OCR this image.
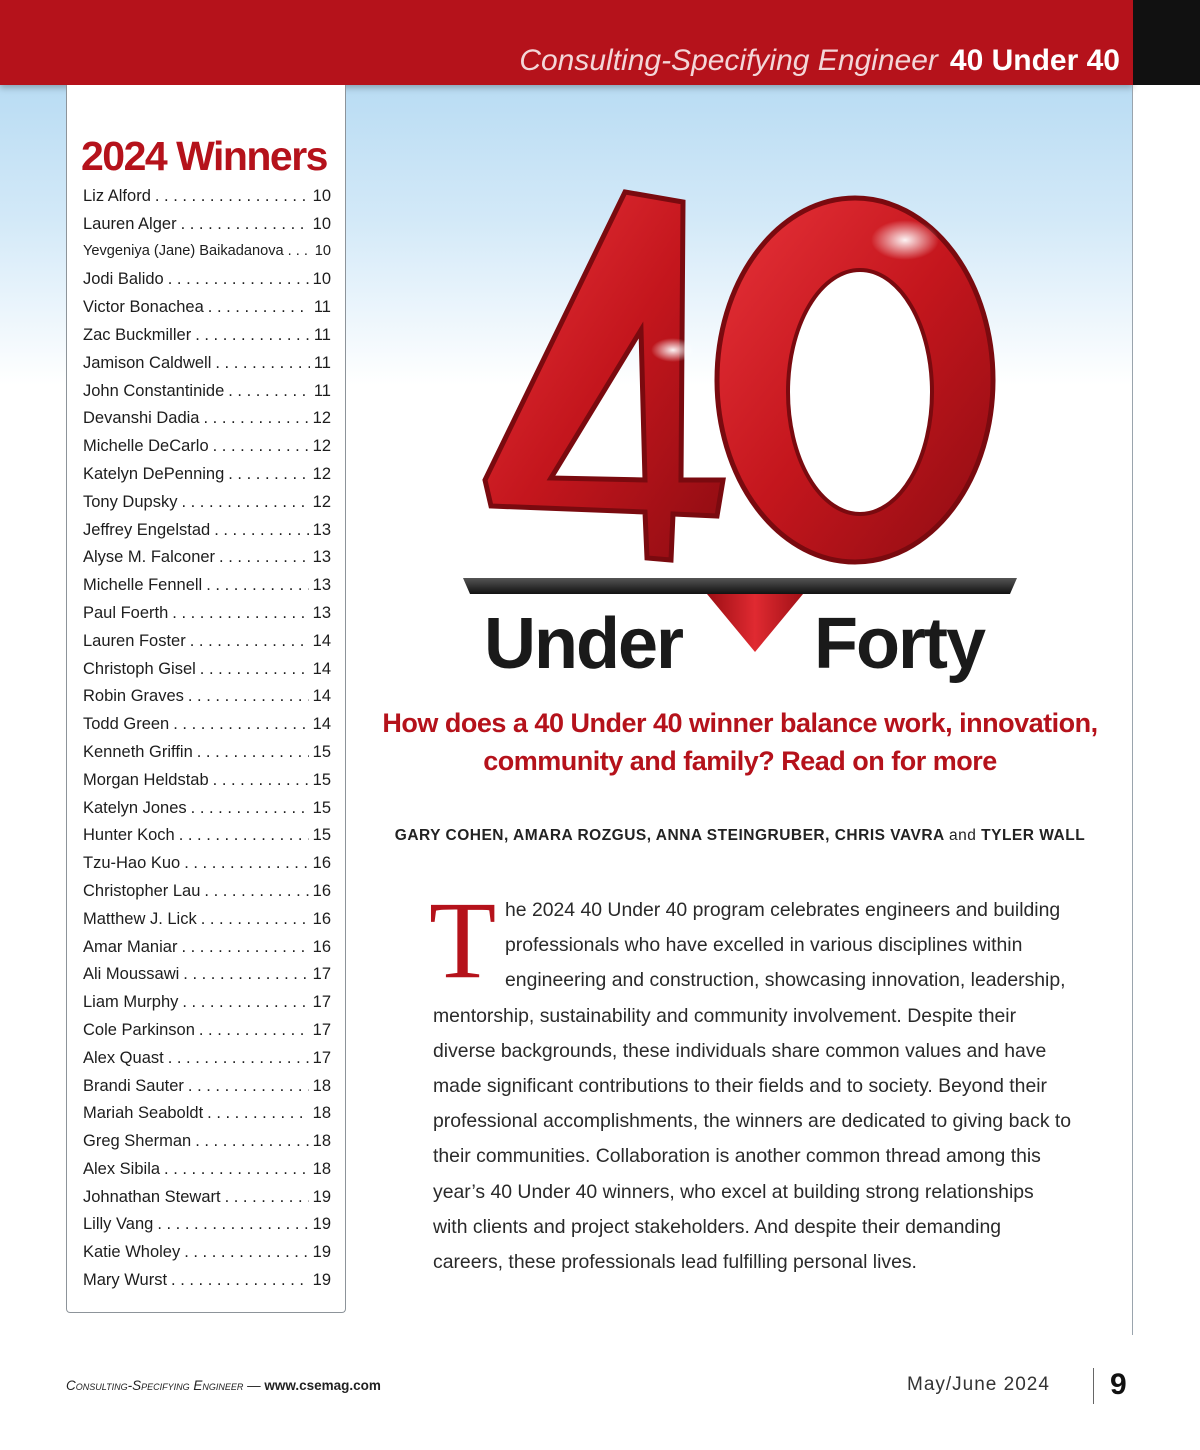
Consulting-Specifying Engineer 40 Under 40
2024 Winners
Liz Alford . . .	10
Lauren Alger . . .	10
Yevgeniya (Jane) Baikadanova . . . 10
Jodi Balido . . .	10
Victor Bonachea . . .	11
Zac Buckmiller . . .	11
Jamison Caldwell . . .	11
John Constantinide . . .	11
Devanshi Dadia . . .	12
Michelle DeCarlo . . .	12
Katelyn DePenning . . .	12
Tony Dupsky . . .	12
Jeffrey Engelstad . . .	13
Alyse M. Falconer . . .	13
Michelle Fennell . . .	13
Paul Foerth . . .	13
Lauren Foster . . .	14
Christoph Gisel . . .	14
Robin Graves . . .	14
Todd Green . . .	14
Kenneth Griffin . . .	15
Morgan Heldstab . . .	15
Katelyn Jones . . .	15
Hunter Koch . . .	15
Tzu-Hao Kuo . . .	16
Christopher Lau . . .	16
Matthew J. Lick . . .	16
Amar Maniar . . .	16
Ali Moussawi . . .	17
Liam Murphy . . .	17
Cole Parkinson . . .	17
Alex Quast . . .	17
Brandi Sauter . . .	18
Mariah Seaboldt . . .	18
Greg Sherman . . .	18
Alex Sibila . . .	18
Johnathan Stewart . . .	19
Lilly Vang . . .	19
Katie Wholey . . .	19
Mary Wurst . . .	19
Under Forty
How does a 40 Under 40 winner balance work, innovation,
community and family? Read on for more
GARY COHEN, AMARA ROZGUS, ANNA STEINGRUBER, CHRIS VAVRA and TYLER WALL
T he 2024 40 Under 40 program celebrates engineers and building professionals who have excelled in various disciplines within engineering and construction, showcasing innovation, leadership, mentorship, sustainability and community involvement. Despite their diverse backgrounds, these individuals share common values and have made significant contributions to their fields and to society. Beyond their professional accomplishments, the winners are dedicated to giving back to their communities. Collaboration is another common thread among this year’s 40 Under 40 winners, who excel at building strong relationships with clients and project stakeholders. And despite their demanding careers, these professionals lead fulfilling personal lives.
Consulting-Specifying Engineer — www.csemag.com	May/June 2024 9
